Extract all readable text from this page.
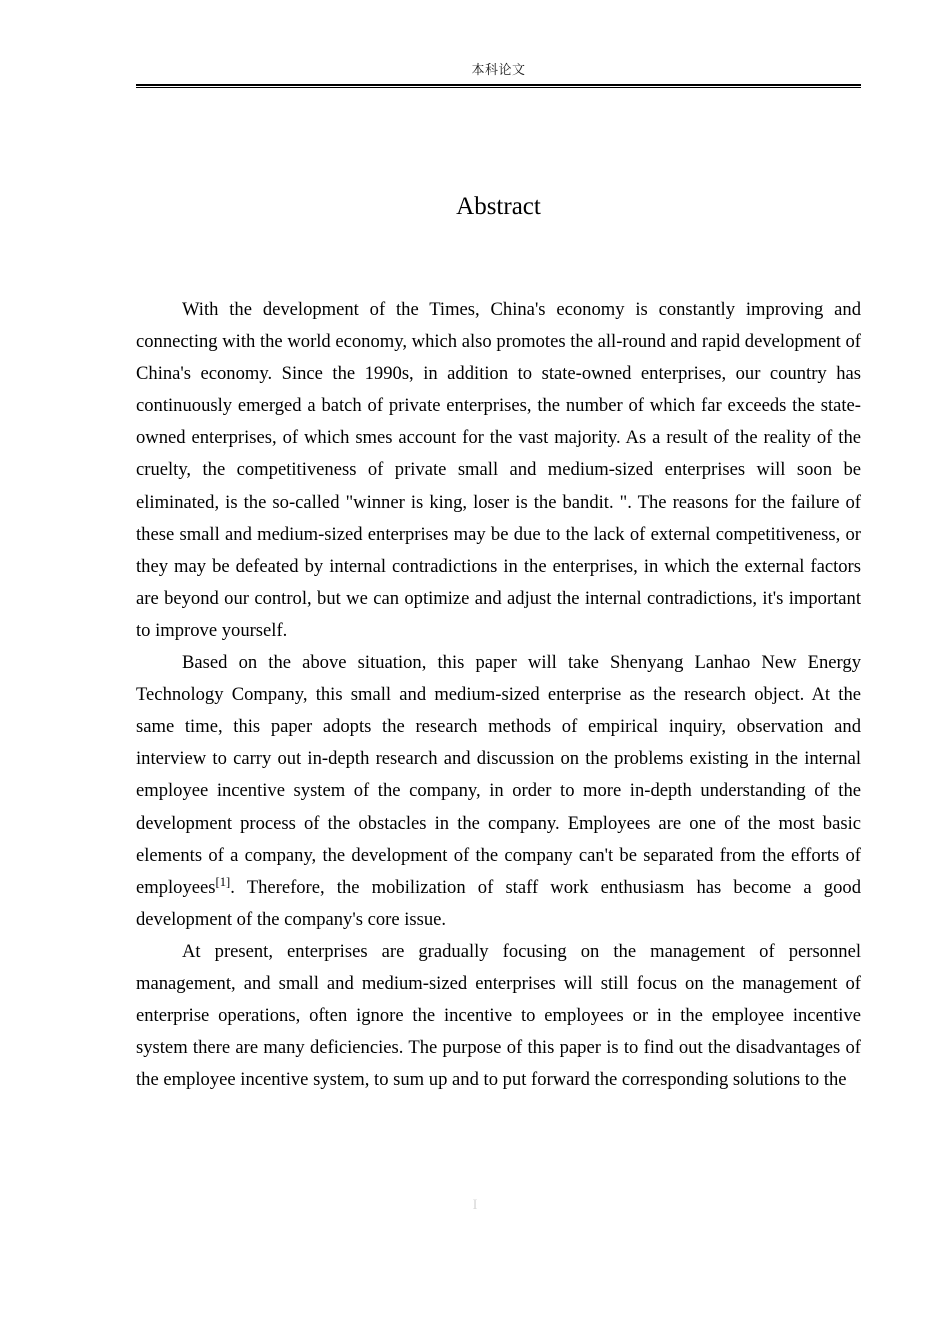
本科论文
Abstract

With the development of the Times, China's economy is constantly improving and connecting with the world economy, which also promotes the all-round and rapid development of China's economy. Since the 1990s, in addition to state-owned enterprises, our country has continuously emerged a batch of private enterprises, the number of which far exceeds the state-owned enterprises, of which smes account for the vast majority. As a result of the reality of the cruelty, the competitiveness of private small and medium-sized enterprises will soon be eliminated, is the so-called "winner is king, loser is the bandit. ". The reasons for the failure of these small and medium-sized enterprises may be due to the lack of external competitiveness, or they may be defeated by internal contradictions in the enterprises, in which the external factors are beyond our control, but we can optimize and adjust the internal contradictions, it's important to improve yourself.

Based on the above situation, this paper will take Shenyang Lanhao New Energy Technology Company, this small and medium-sized enterprise as the research object. At the same time, this paper adopts the research methods of empirical inquiry, observation and interview to carry out in-depth research and discussion on the problems existing in the internal employee incentive system of the company, in order to more in-depth understanding of the development process of the obstacles in the company. Employees are one of the most basic elements of a company, the development of the company can't be separated from the efforts of employees[1]. Therefore, the mobilization of staff work enthusiasm has become a good development of the company's core issue.

At present, enterprises are gradually focusing on the management of personnel management, and small and medium-sized enterprises will still focus on the management of enterprise operations, often ignore the incentive to employees or in the employee incentive system there are many deficiencies. The purpose of this paper is to find out the disadvantages of the employee incentive system, to sum up and to put forward the corresponding solutions to the

I
